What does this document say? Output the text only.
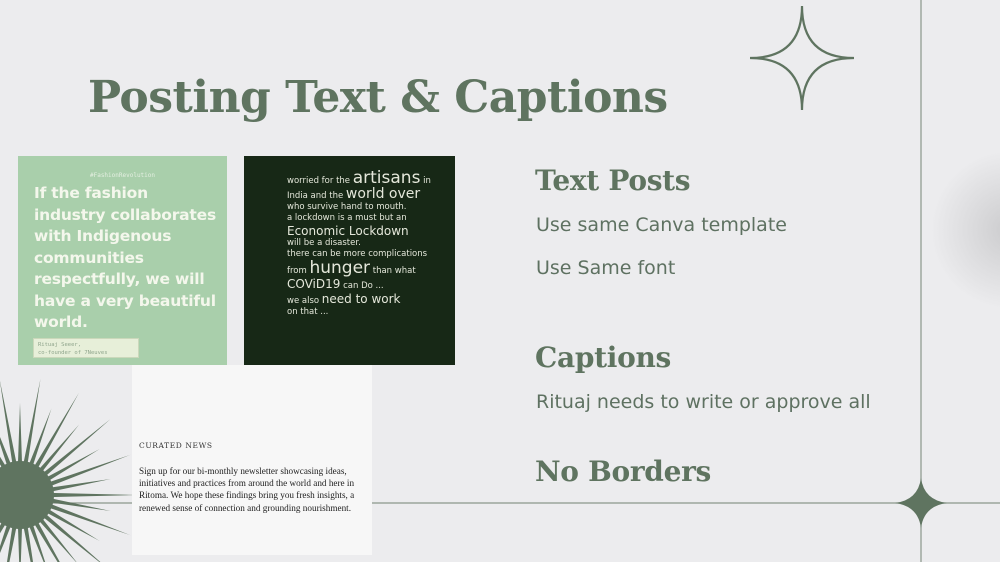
Posting Text & Captions
#FashionRevolution
If the fashion
industry collaborates
with Indigenous
communities
respectfully, we will
have a very beautiful
world.
Rituaj Seeer,
co-founder of 7Neuves
worried for the artisans in
India and the world over
who survive hand to mouth.
a lockdown is a must but an
Economic Lockdown
will be a disaster.
there can be more complications
from hunger than what
COViD19 can Do ...
we also need to work
on that ...
CURATED NEWS
Sign up for our bi-monthly newsletter showcasing ideas,
initiatives and practices from around the world and here in
Ritoma. We hope these findings bring you fresh insights, a
renewed sense of connection and grounding nourishment.
Text Posts
Use same Canva template
Use Same font
Captions
Rituaj needs to write or approve all
No Borders
